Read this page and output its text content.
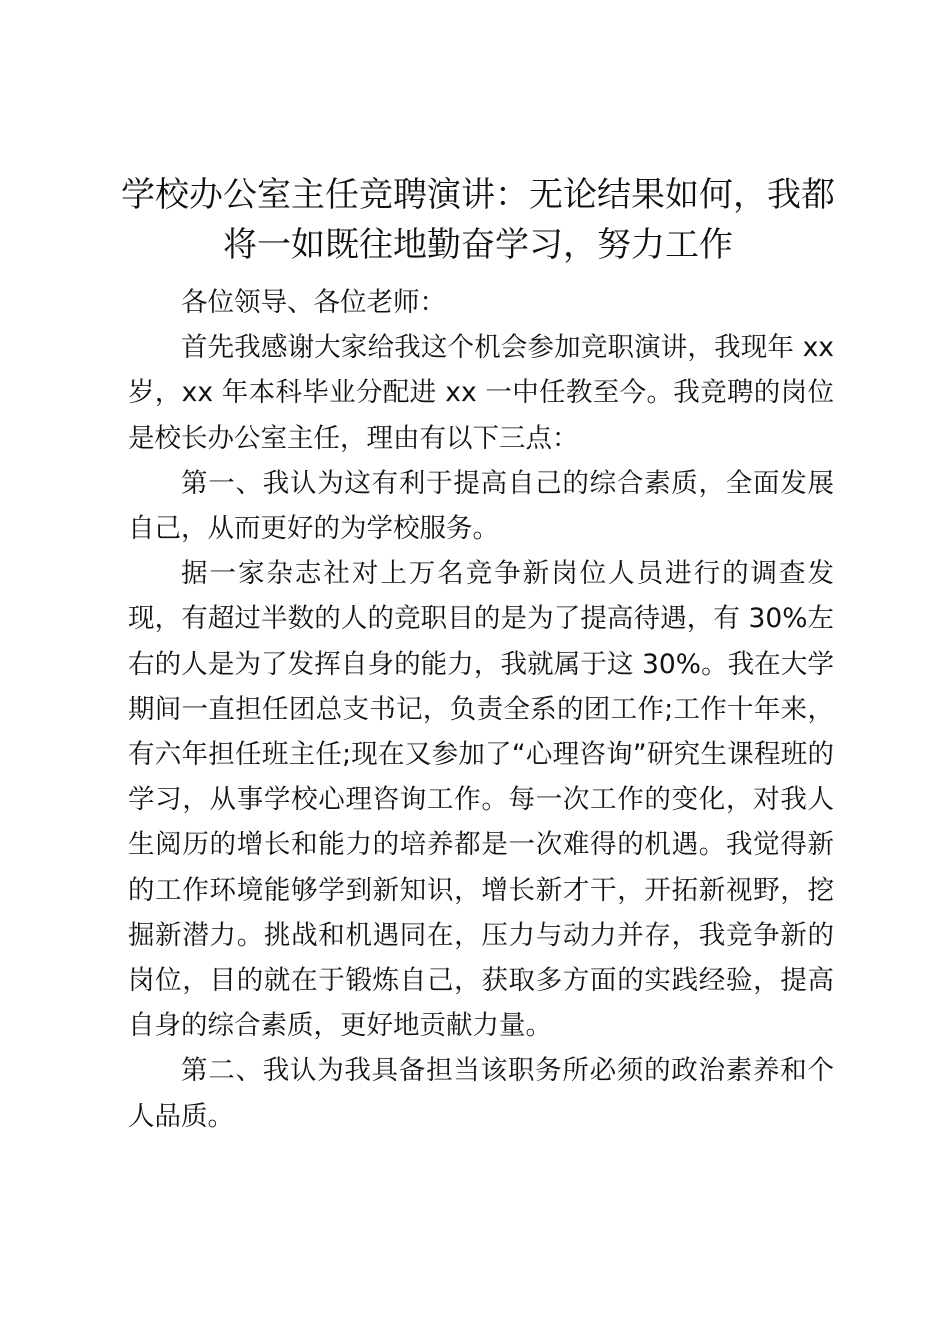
学校办公室主任竞聘演讲：无论结果如何，我都将一如既往地勤奋学习，努力工作

各位领导、各位老师：

首先我感谢大家给我这个机会参加竞职演讲，我现年 xx 岁，xx 年本科毕业分配进 xx 一中任教至今。我竞聘的岗位是校长办公室主任，理由有以下三点：

第一、我认为这有利于提高自己的综合素质，全面发展自己，从而更好的为学校服务。

据一家杂志社对上万名竞争新岗位人员进行的调查发现，有超过半数的人的竞职目的是为了提高待遇，有 30%左右的人是为了发挥自身的能力，我就属于这 30%。我在大学期间一直担任团总支书记，负责全系的团工作;工作十年来，有六年担任班主任;现在又参加了“心理咨询”研究生课程班的学习，从事学校心理咨询工作。每一次工作的变化，对我人生阅历的增长和能力的培养都是一次难得的机遇。我觉得新的工作环境能够学到新知识，增长新才干，开拓新视野，挖掘新潜力。挑战和机遇同在，压力与动力并存，我竞争新的岗位，目的就在于锻炼自己，获取多方面的实践经验，提高自身的综合素质，更好地贡献力量。

第二、我认为我具备担当该职务所必须的政治素养和个人品质。
